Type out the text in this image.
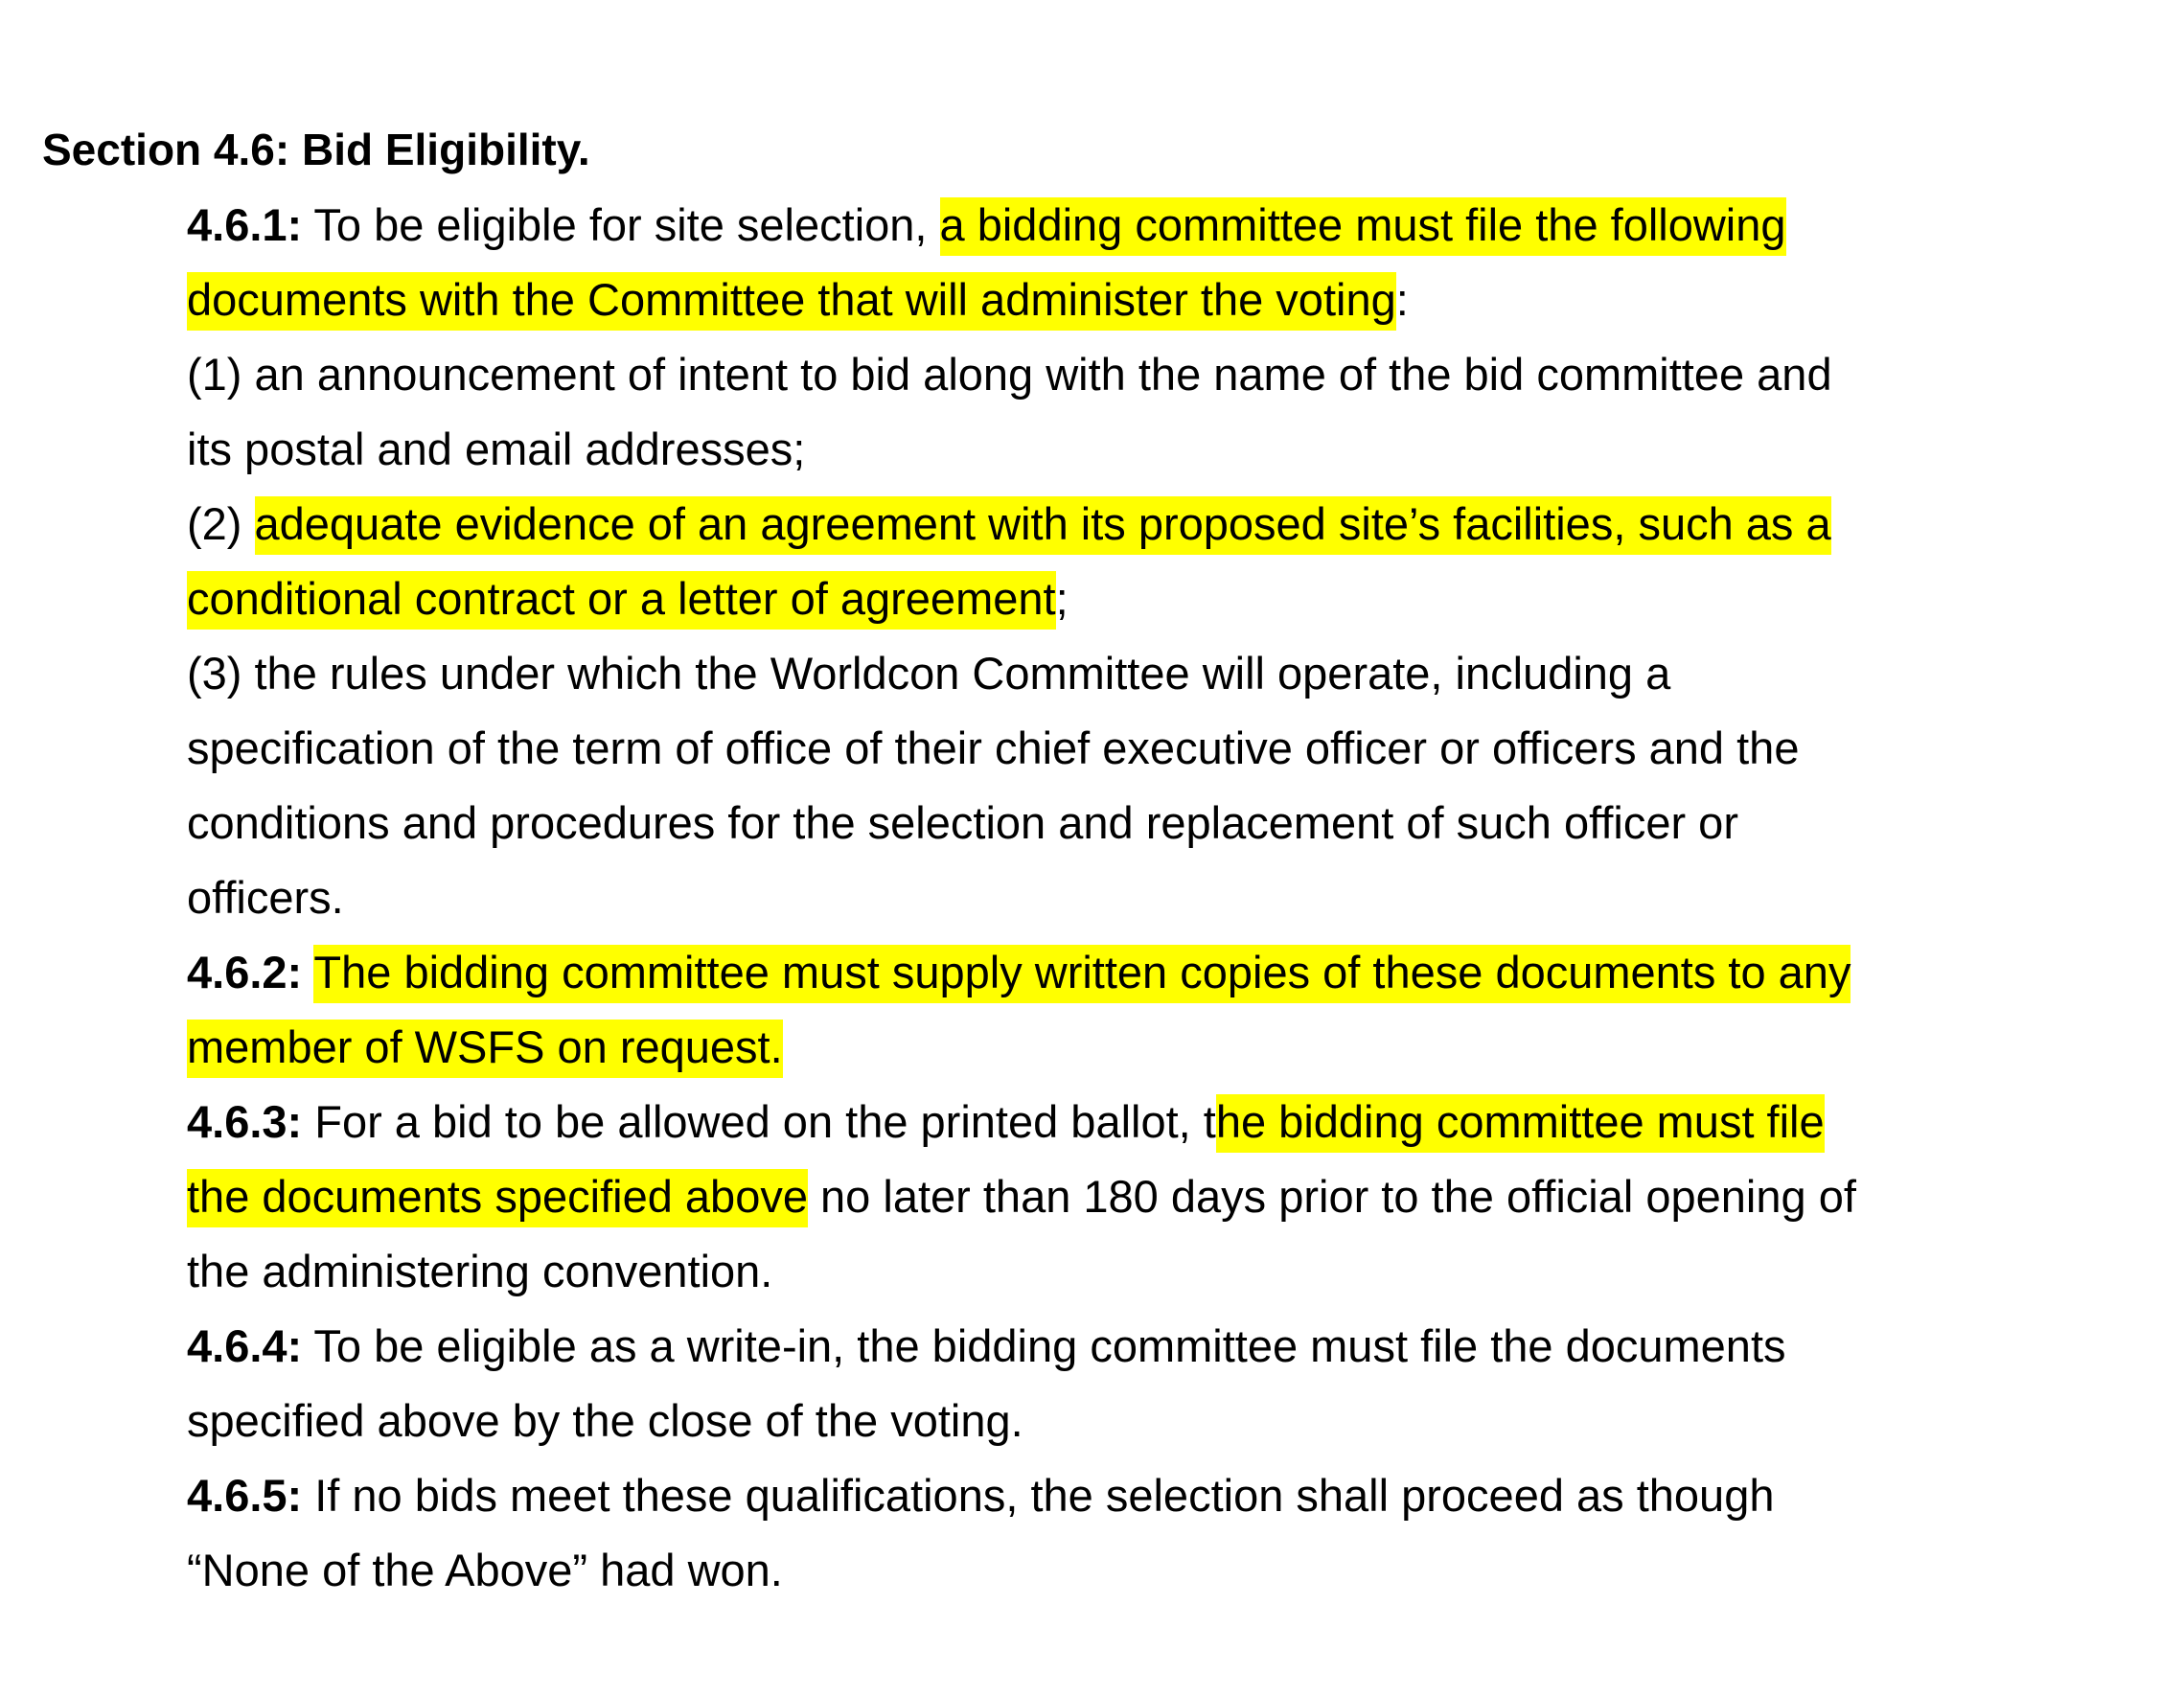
Section 4.6: Bid Eligibility.
4.6.1: To be eligible for site selection, a bidding committee must file the following
documents with the Committee that will administer the voting:
(1) an announcement of intent to bid along with the name of the bid committee and
its postal and email addresses;
(2) adequate evidence of an agreement with its proposed site’s facilities, such as a
conditional contract or a letter of agreement;
(3) the rules under which the Worldcon Committee will operate, including a
specification of the term of office of their chief executive officer or officers and the
conditions and procedures for the selection and replacement of such officer or
officers.
4.6.2: The bidding committee must supply written copies of these documents to any
member of WSFS on request.
4.6.3: For a bid to be allowed on the printed ballot, the bidding committee must file
the documents specified above no later than 180 days prior to the official opening of
the administering convention.
4.6.4: To be eligible as a write-in, the bidding committee must file the documents
specified above by the close of the voting.
4.6.5: If no bids meet these qualifications, the selection shall proceed as though
“None of the Above” had won.
